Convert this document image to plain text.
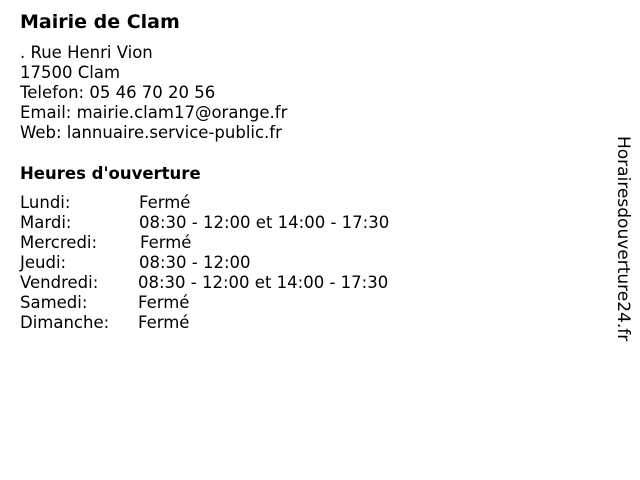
Mairie de Clam
. Rue Henri Vion
17500 Clam
Telefon: 05 46 70 20 56
Email: mairie.clam17@orange.fr
Web: lannuaire.service-public.fr
Heures d'ouverture
Lundi:	Fermé
Mardi:	08:30 - 12:00 et 14:00 - 17:30
Mercredi:	Fermé
Jeudi:	08:30 - 12:00
Vendredi: 08:30 - 12:00 et 14:00 - 17:30
Samedi:	Fermé
Dimanche: Fermé	Horairesdouverture24.fr
